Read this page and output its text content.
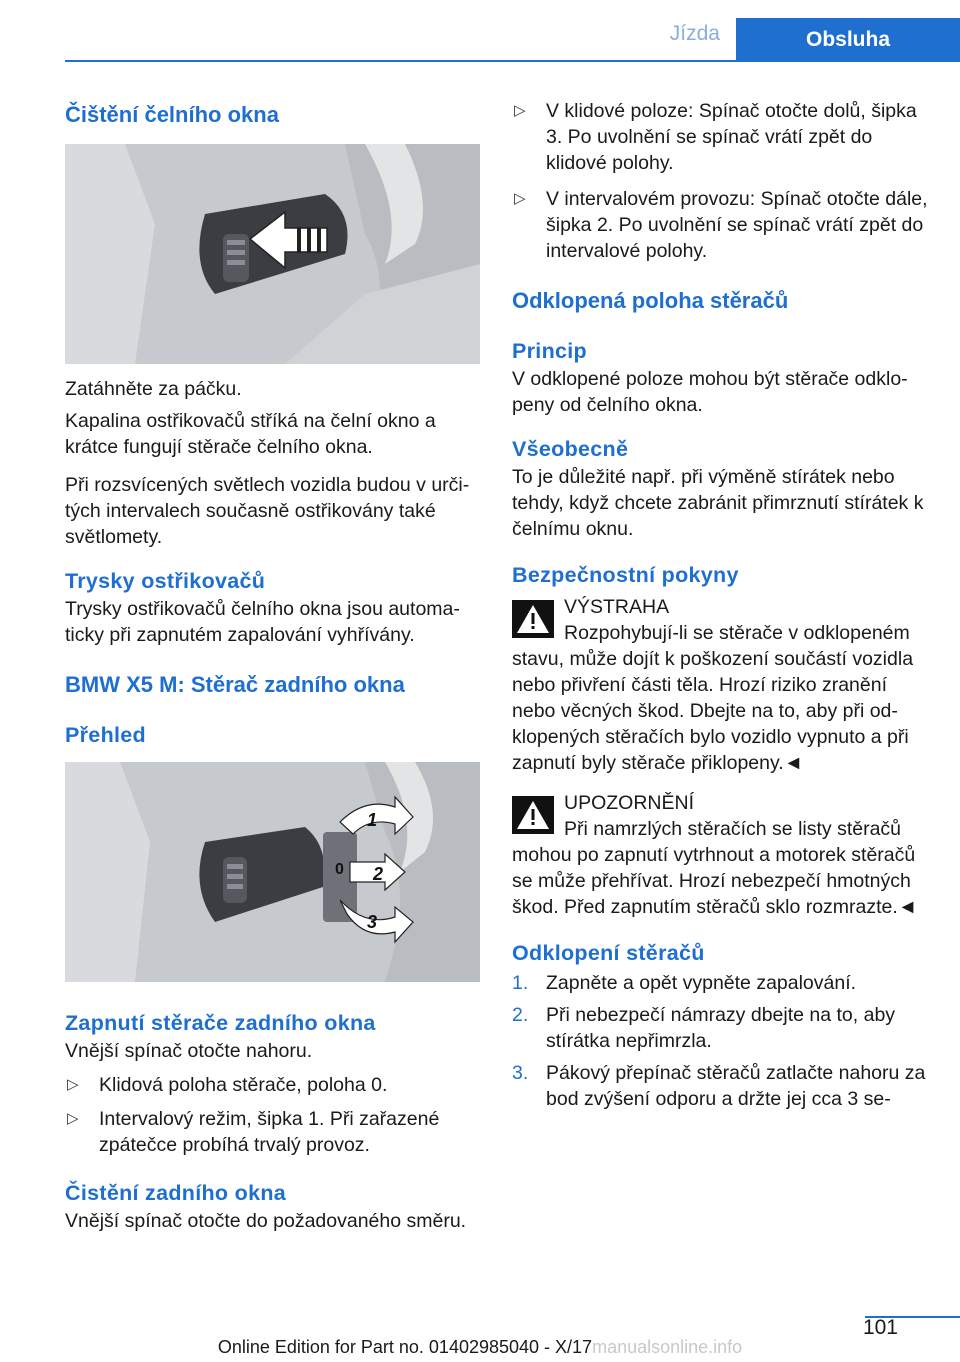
Jízda	Obsluha
Čištění čelního okna

Zatáhněte za páčku.

Kapalina ostřikovačů stříká na čelní okno a krátce fungují stěrače čelního okna.

Při rozsvícených světlech vozidla budou v určitých intervalech současně ostřikovány také světlomety.

Trysky ostřikovačů

Trysky ostřikovačů čelního okna jsou automaticky při zapnutém zapalování vyhřívány.

BMW X5 M: Stěrač zadního okna
Přehled
0
1
2
3
Zapnutí stěrače zadního okna

Vnější spínač otočte nahoru.

▷ Klidová poloha stěrače, poloha 0.
▷ Intervalový režim, šipka 1. Při zařazené zpátečce probíhá trvalý provoz.
Čistění zadního okna

Vnější spínač otočte do požadovaného směru.

▷ V klidové poloze: Spínač otočte dolů, šipka 3. Po uvolnění se spínač vrátí zpět do klidové polohy.
▷ V intervalovém provozu: Spínač otočte dále, šipka 2. Po uvolnění se spínač vrátí zpět do intervalové polohy.
Odklopená poloha stěračů
Princip

V odklopené poloze mohou být stěrače odklopeny od čelního okna.

Všeobecně

To je důležité např. při výměně stírátek nebo tehdy, když chcete zabránit přimrznutí stírátek k čelnímu oknu.

Bezpečnostní pokyny
VÝSTRAHA
Rozpohybují-li se stěrače v odklopeném
stavu, může dojít k poškození součástí vozidla nebo přivření části těla. Hrozí riziko zranění nebo věcných škod. Dbejte na to, aby při odklopených stěračích bylo vozidlo vypnuto a při zapnutí byly stěrače přiklopeny.◄
UPOZORNĚNÍ
Při namrzlých stěračích se listy stěračů
mohou po zapnutí vytrhnout a motorek stěračů se může přehřívat. Hrozí nebezpečí hmotných škod. Před zapnutím stěračů sklo rozmrazte.◄
Odklopení stěračů
1. Zapněte a opět vypněte zapalování.
2. Při nebezpečí námrazy dbejte na to, aby stírátka nepřimrzla.
3. Pákový přepínač stěračů zatlačte nahoru za bod zvýšení odporu a držte jej cca 3 se-
101
Online Edition for Part no. 01402985040 - X/17manualsonline.info
